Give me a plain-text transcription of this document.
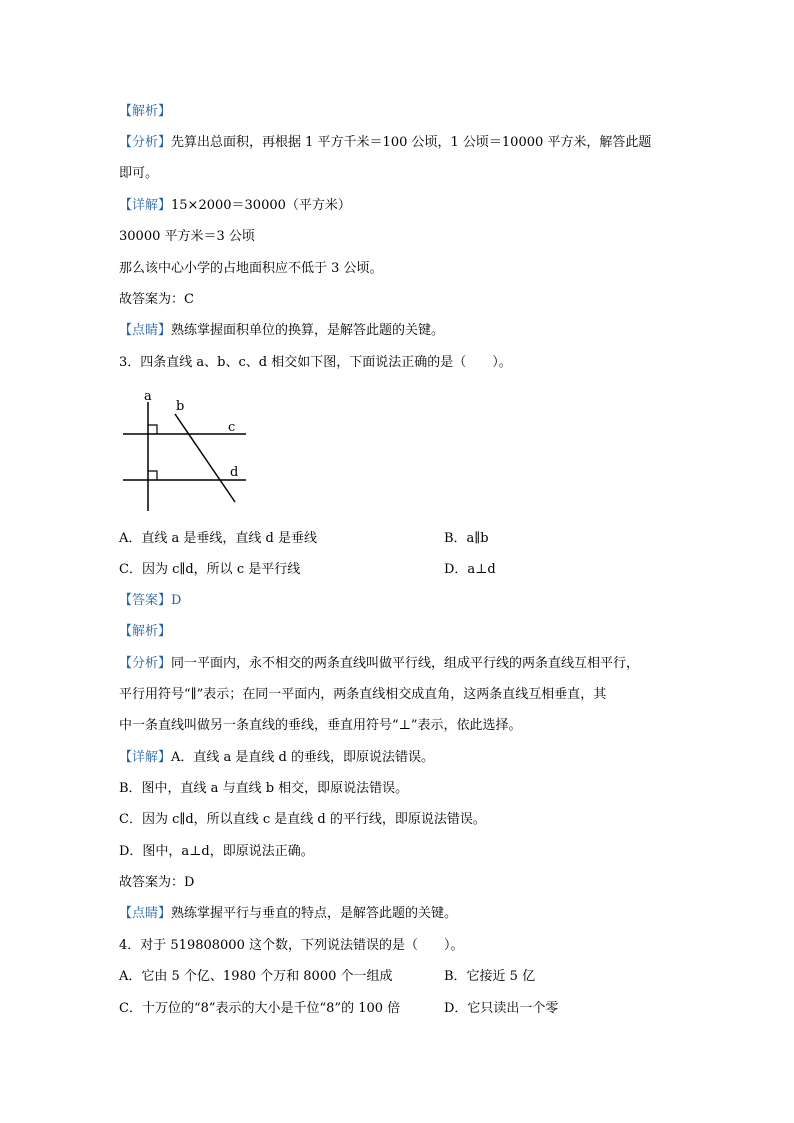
【解析】
【分析】先算出总面积，再根据 1 平方千米＝100 公顷，1 公顷＝10000 平方米，解答此题
即可。
【详解】15×2000＝30000（平方米）
30000 平方米＝3 公顷
那么该中心小学的占地面积应不低于 3 公顷。
故答案为：C
【点睛】熟练掌握面积单位的换算，是解答此题的关键。
3．四条直线 a、b、c、d 相交如下图，下面说法正确的是（　　）。
a
b
c
d
A．直线 a 是垂线，直线 d 是垂线	B．a∥b
C．因为 c∥d，所以 c 是平行线	D．a⊥d
【答案】D
【解析】
【分析】同一平面内，永不相交的两条直线叫做平行线，组成平行线的两条直线互相平行，
平行用符号“∥”表示；在同一平面内，两条直线相交成直角，这两条直线互相垂直，其
中一条直线叫做另一条直线的垂线，垂直用符号“⊥”表示，依此选择。
【详解】A．直线 a 是直线 d 的垂线，即原说法错误。
B．图中，直线 a 与直线 b 相交，即原说法错误。
C．因为 c∥d，所以直线 c 是直线 d 的平行线，即原说法错误。
D．图中，a⊥d，即原说法正确。
故答案为：D
【点睛】熟练掌握平行与垂直的特点，是解答此题的关键。
4．对于 519808000 这个数，下列说法错误的是（　　）。
A．它由 5 个亿、1980 个万和 8000 个一组成	B．它接近 5 亿
C．十万位的“8”表示的大小是千位“8”的 100 倍	D．它只读出一个零
